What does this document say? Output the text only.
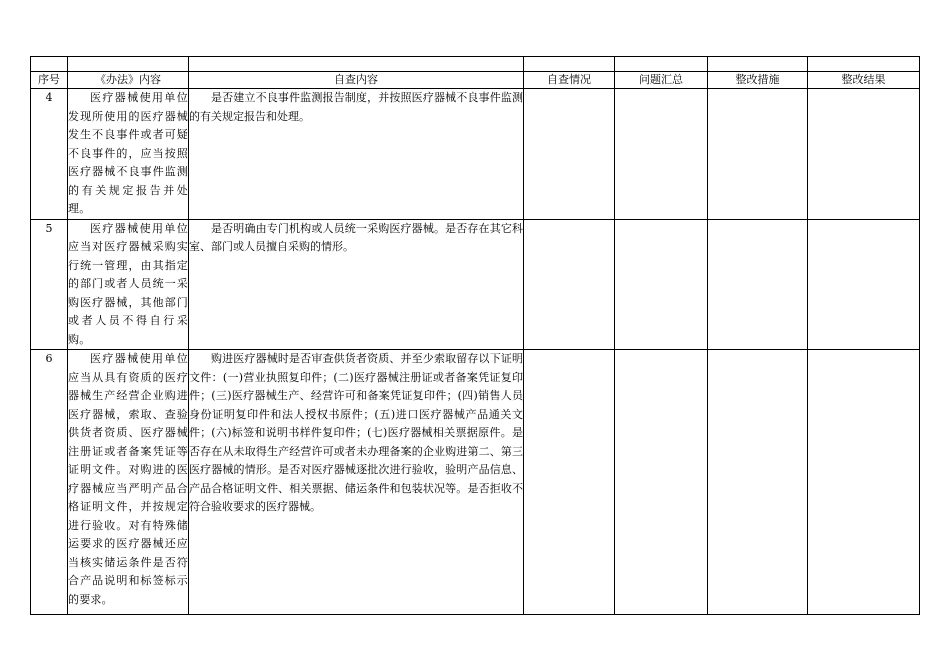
序号	《办法》内容	自查内容	自查情况	问题汇总	整改措施	整改结果
4	医疗器械使用单位发现所使用的医疗器械发生不良事件或者可疑不良事件的，应当按照医疗器械不良事件监测的有关规定报告并处理。	是否建立不良事件监测报告制度，并按照医疗器械不良事件监测的有关规定报告和处理。				
5	医疗器械使用单位应当对医疗器械采购实行统一管理，由其指定的部门或者人员统一采购医疗器械，其他部门或者人员不得自行采购。	是否明确由专门机构或人员统一采购医疗器械。是否存在其它科室、部门或人员擅自采购的情形。				
6	医疗器械使用单位应当从具有资质的医疗器械生产经营企业购进医疗器械，索取、查验供货者资质、医疗器械注册证或者备案凭证等证明文件。对购进的医疗器械应当严明产品合格证明文件，并按规定进行验收。对有特殊储运要求的医疗器械还应当核实储运条件是否符合产品说明和标签标示的要求。	购进医疗器械时是否审查供货者资质、并至少索取留存以下证明文件：(一)营业执照复印件；(二)医疗器械注册证或者备案凭证复印件；(三)医疗器械生产、经营许可和备案凭证复印件；(四)销售人员身份证明复印件和法人授权书原件；(五)进口医疗器械产品通关文件；(六)标签和说明书样件复印件；(七)医疗器械相关票据原件。是否存在从未取得生产经营许可或者未办理备案的企业购进第二、第三医疗器械的情形。是否对医疗器械逐批次进行验收，验明产品信息、产品合格证明文件、相关票据、储运条件和包装状况等。是否拒收不符合验收要求的医疗器械。				
